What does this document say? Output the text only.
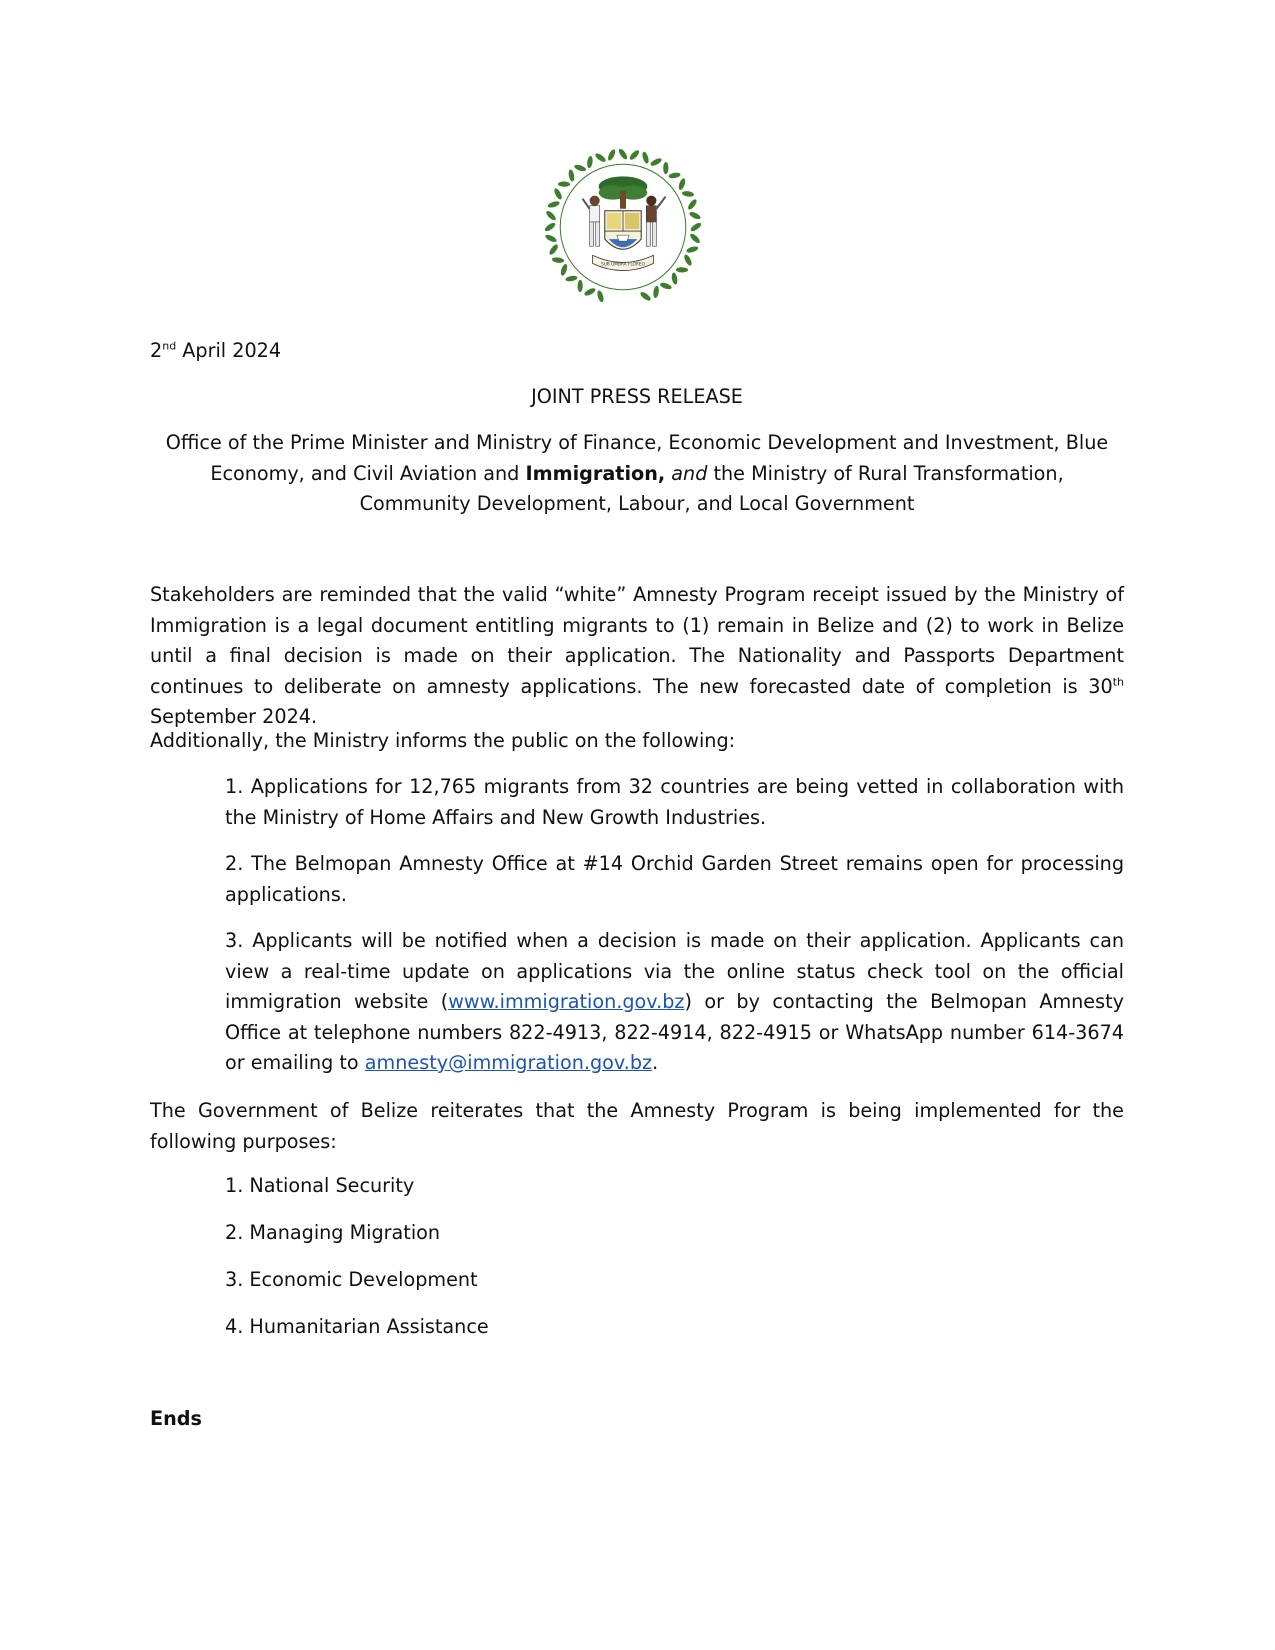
SUB UMBRA FLOREO
2nd April 2024
JOINT PRESS RELEASE
Office of the Prime Minister and Ministry of Finance, Economic Development and Investment, Blue Economy, and Civil Aviation and Immigration, and the Ministry of Rural Transformation, Community Development, Labour, and Local Government
Stakeholders are reminded that the valid “white” Amnesty Program receipt issued by the Ministry of Immigration is a legal document entitling migrants to (1) remain in Belize and (2) to work in Belize until a final decision is made on their application. The Nationality and Passports Department continues to deliberate on amnesty applications. The new forecasted date of completion is 30th September 2024.
Additionally, the Ministry informs the public on the following:
1. Applications for 12,765 migrants from 32 countries are being vetted in collaboration with the Ministry of Home Affairs and New Growth Industries.
2. The Belmopan Amnesty Office at #14 Orchid Garden Street remains open for processing applications.
3. Applicants will be notified when a decision is made on their application. Applicants can view a real-time update on applications via the online status check tool on the official immigration website (www.immigration.gov.bz) or by contacting the Belmopan Amnesty Office at telephone numbers 822-4913, 822-4914, 822-4915 or WhatsApp number 614-3674 or emailing to amnesty@immigration.gov.bz.
The Government of Belize reiterates that the Amnesty Program is being implemented for the following purposes:
1. National Security
2. Managing Migration
3. Economic Development
4. Humanitarian Assistance
Ends
